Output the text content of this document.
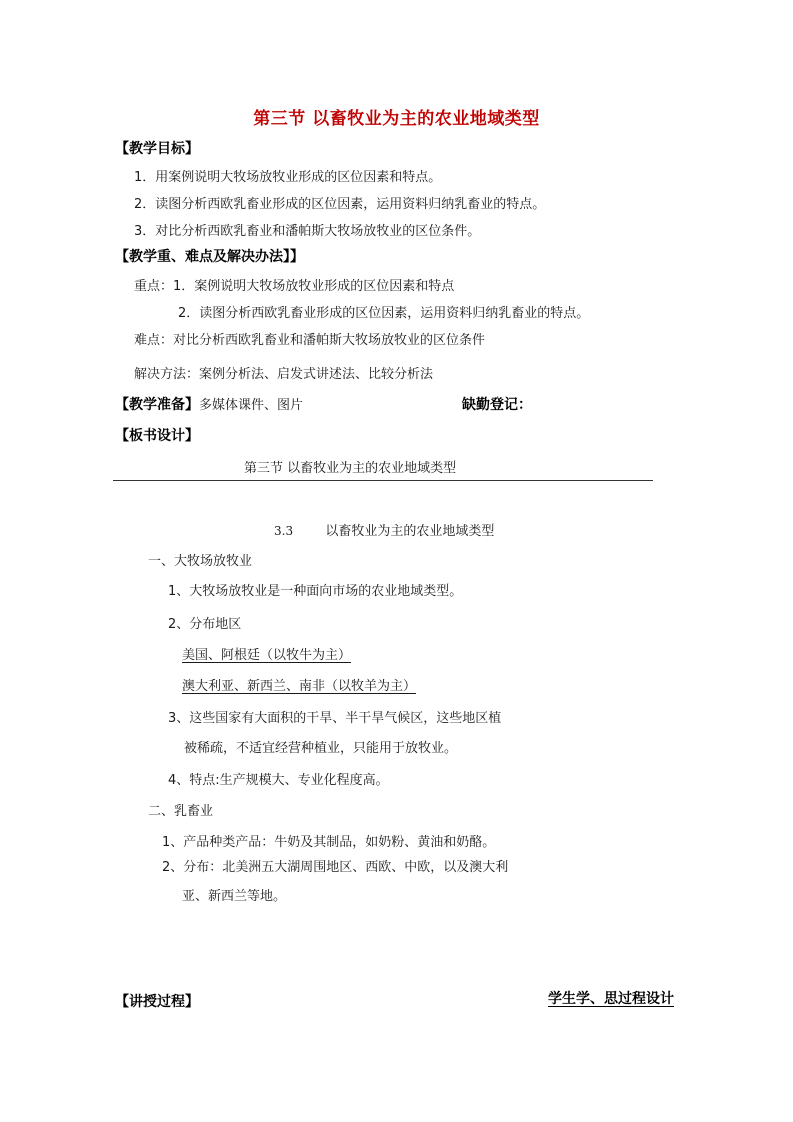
第三节 以畜牧业为主的农业地域类型
【教学目标】
1．用案例说明大牧场放牧业形成的区位因素和特点。
2．读图分析西欧乳畜业形成的区位因素，运用资料归纳乳畜业的特点。
3．对比分析西欧乳畜业和潘帕斯大牧场放牧业的区位条件。
【教学重、难点及解决办法】】
重点：1．案例说明大牧场放牧业形成的区位因素和特点
2．读图分析西欧乳畜业形成的区位因素，运用资料归纳乳畜业的特点。
难点：对比分析西欧乳畜业和潘帕斯大牧场放牧业的区位条件
解决方法：案例分析法、启发式讲述法、比较分析法
【教学准备】多媒体课件、图片	缺勤登记：
【板书设计】
第三节 以畜牧业为主的农业地域类型
3.3 以畜牧业为主的农业地域类型
一、大牧场放牧业
1、大牧场放牧业是一种面向市场的农业地域类型。
2、分布地区
美国、阿根廷（以牧牛为主）
澳大利亚、新西兰、南非（以牧羊为主）
3、这些国家有大面积的干旱、半干旱气候区，这些地区植
被稀疏，不适宜经营种植业，只能用于放牧业。
4、特点:生产规模大、专业化程度高。
二、乳畜业
1、产品种类产品：牛奶及其制品，如奶粉、黄油和奶酪。
2、分布：北美洲五大湖周围地区、西欧、中欧，以及澳大利
亚、新西兰等地。
【讲授过程】	学生学、思过程设计
